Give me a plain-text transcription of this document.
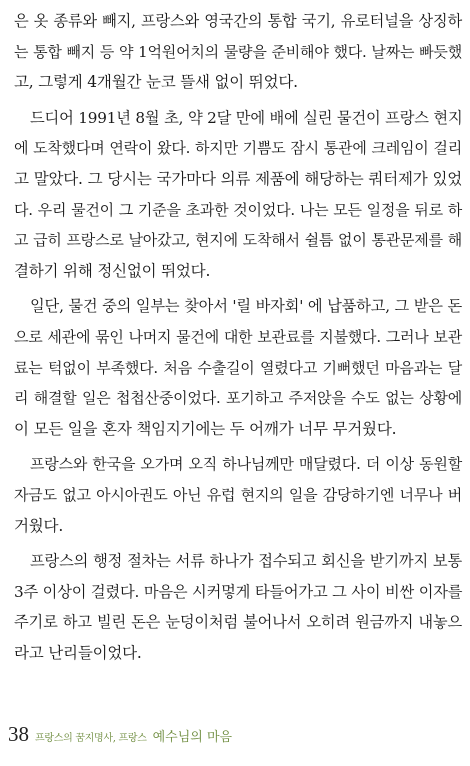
은 옷 종류와 빼지, 프랑스와 영국간의 통합 국기, 유로터널을 상징하
는 통합 빼지 등 약 1억원어치의 물량을 준비해야 했다. 날짜는 빠듯했
고, 그렇게 4개월간 눈코 뜰새 없이 뛰었다.
드디어 1991년 8월 초, 약 2달 만에 배에 실린 물건이 프랑스 현지
에 도착했다며 연락이 왔다. 하지만 기쁨도 잠시 통관에 크레임이 걸리
고 말았다. 그 당시는 국가마다 의류 제품에 해당하는 쿼터제가 있었
다. 우리 물건이 그 기준을 초과한 것이었다. 나는 모든 일정을 뒤로 하
고 급히 프랑스로 날아갔고, 현지에 도착해서 쉴틈 없이 통관문제를 해
결하기 위해 정신없이 뛰었다.
일단, 물건 중의 일부는 찾아서 '릴 바자회' 에 납품하고, 그 받은 돈
으로 세관에 묶인 나머지 물건에 대한 보관료를 지불했다. 그러나 보관
료는 턱없이 부족했다. 처음 수출길이 열렸다고 기뻐했던 마음과는 달
리 해결할 일은 첩첩산중이었다. 포기하고 주저앉을 수도 없는 상황에
이 모든 일을 혼자 책임지기에는 두 어깨가 너무 무거웠다.
프랑스와 한국을 오가며 오직 하나님께만 매달렸다. 더 이상 동원할
자금도 없고 아시아권도 아닌 유럽 현지의 일을 감당하기엔 너무나 버
거웠다.
프랑스의 행정 절차는 서류 하나가 접수되고 회신을 받기까지 보통
3주 이상이 걸렸다. 마음은 시커멓게 타들어가고 그 사이 비싼 이자를
주기로 하고 빌린 돈은 눈덩이처럼 불어나서 오히려 원금까지 내놓으
라고 난리들이었다.
38 프랑스의 꿈지명사, 프랑스 예수님의 마음
